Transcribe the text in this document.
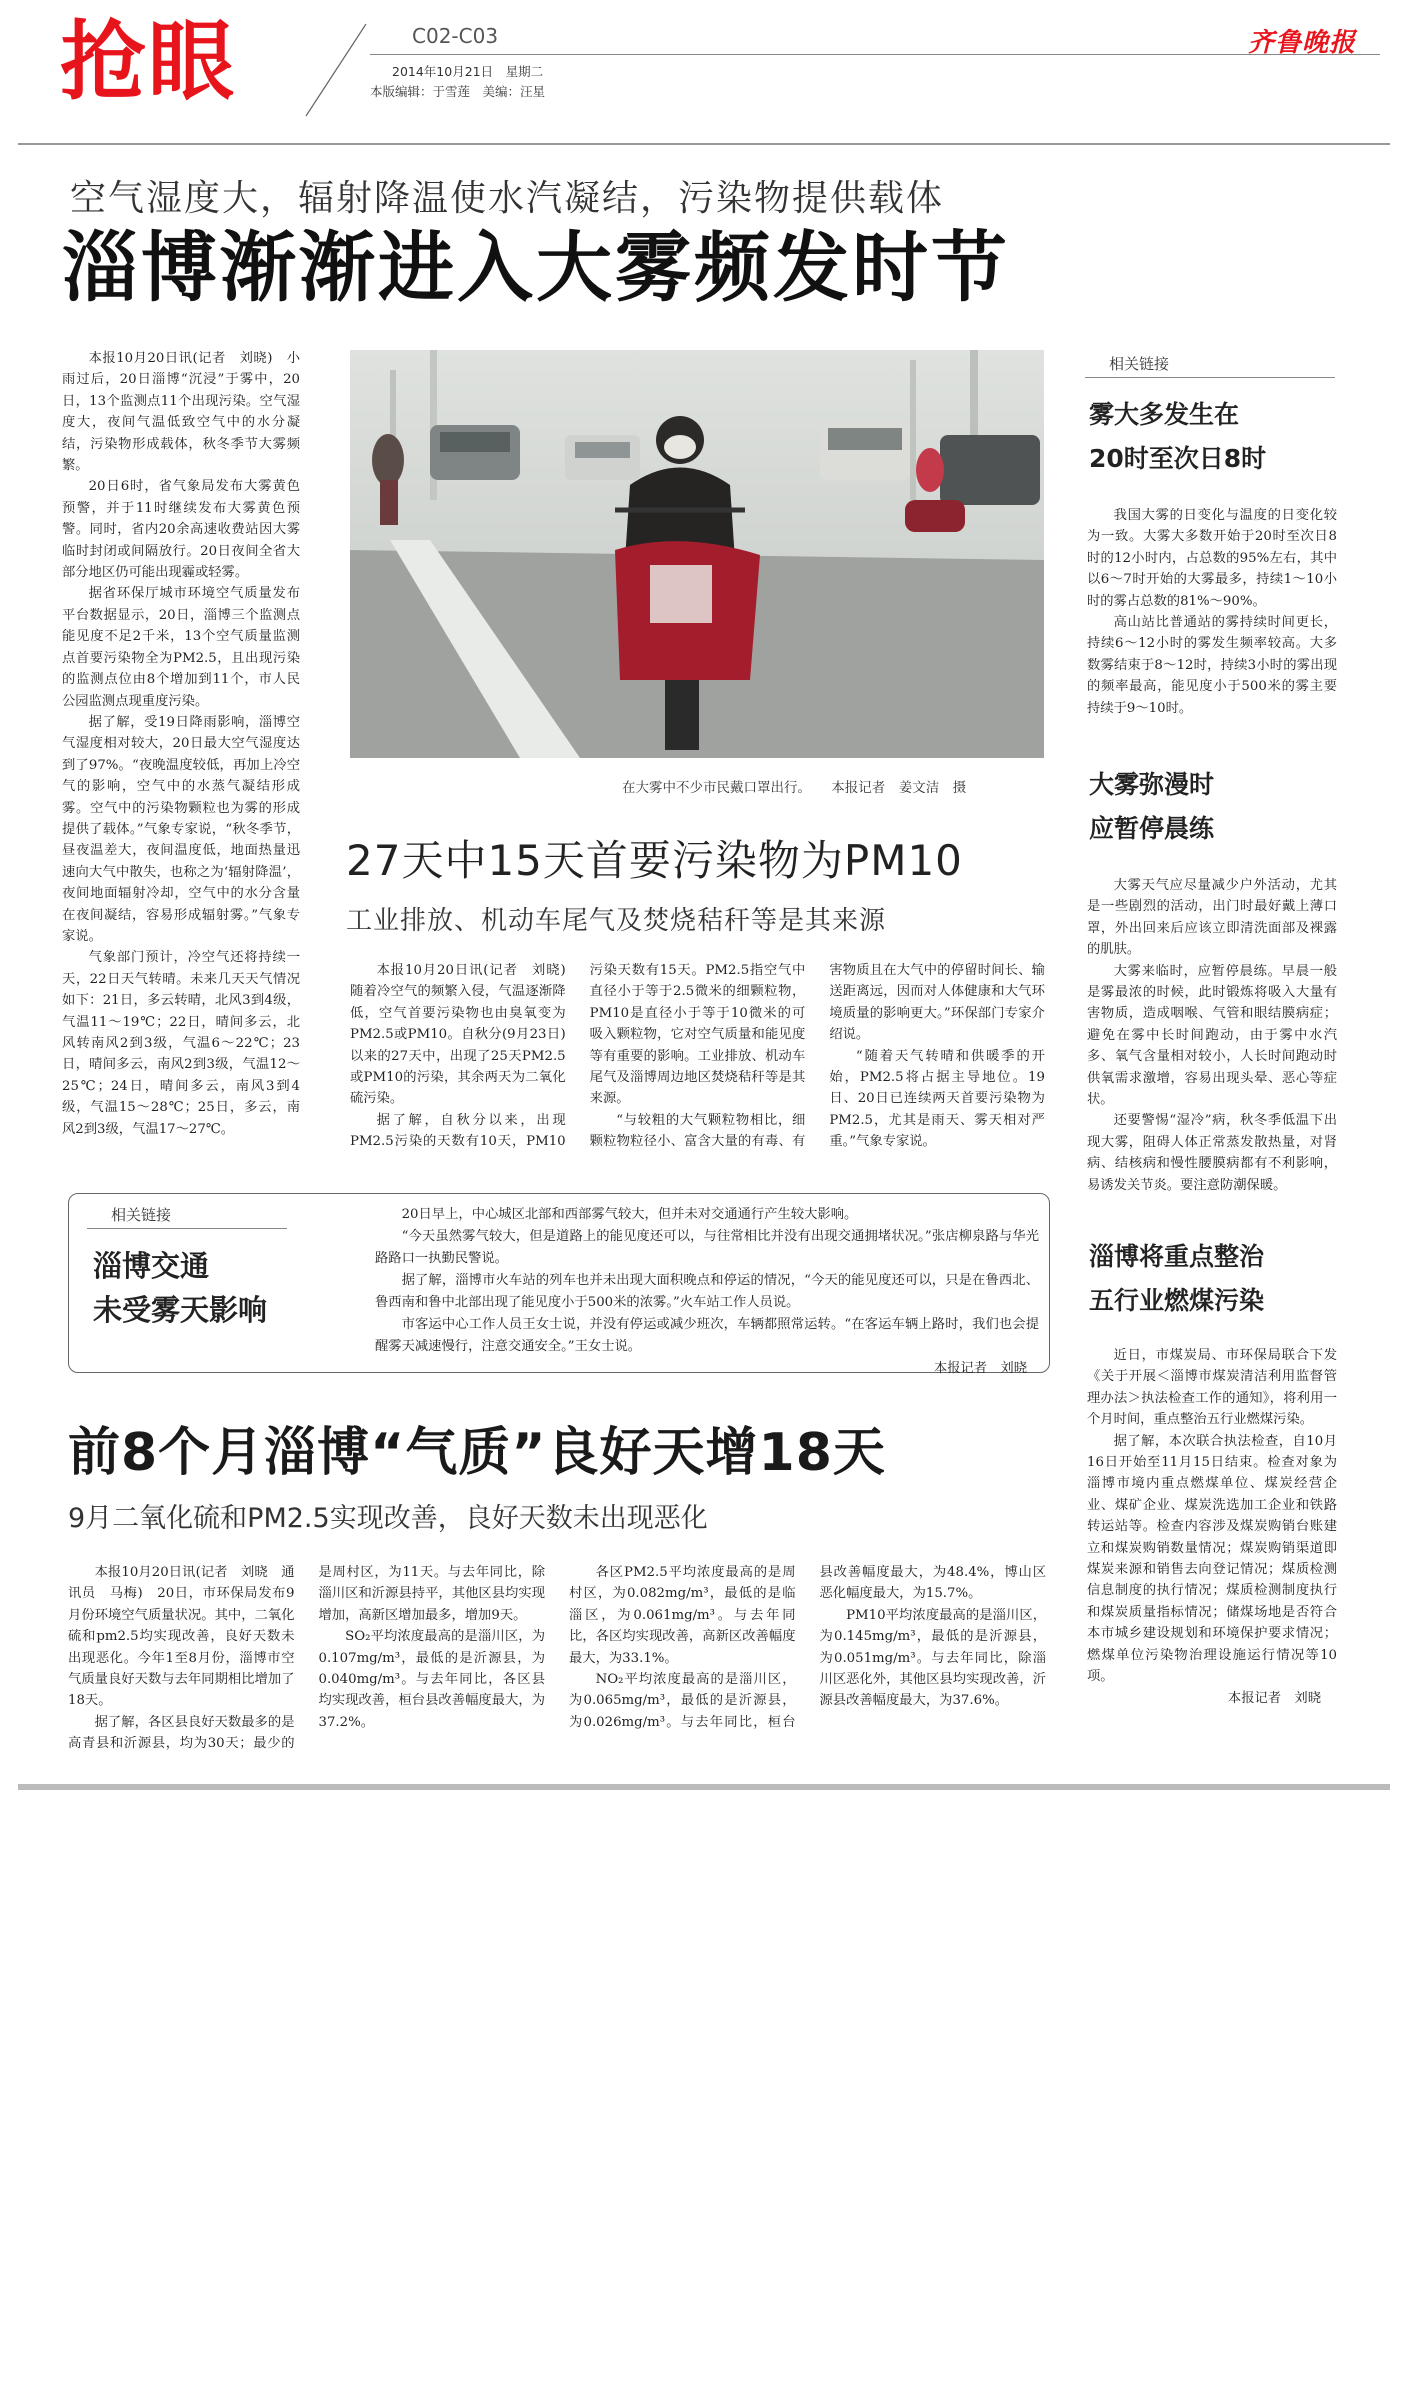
抢眼	C02-C03
2014年10月21日　星期二
本版编辑：于雪莲　美编：汪星
齐鲁晚报
空气湿度大，辐射降温使水汽凝结，污染物提供载体
淄博渐渐进入大雾频发时节

本报10月20日讯(记者　刘晓)　小雨过后，20日淄博“沉浸”于雾中，20日，13个监测点11个出现污染。空气湿度大，夜间气温低致空气中的水分凝结，污染物形成载体，秋冬季节大雾频繁。

20日6时，省气象局发布大雾黄色预警，并于11时继续发布大雾黄色预警。同时，省内20余高速收费站因大雾临时封闭或间隔放行。20日夜间全省大部分地区仍可能出现霾或轻雾。

据省环保厅城市环境空气质量发布平台数据显示，20日，淄博三个监测点能见度不足2千米，13个空气质量监测点首要污染物全为PM2.5，且出现污染的监测点位由8个增加到11个，市人民公园监测点现重度污染。

据了解，受19日降雨影响，淄博空气湿度相对较大，20日最大空气湿度达到了97%。“夜晚温度较低，再加上冷空气的影响，空气中的水蒸气凝结形成雾。空气中的污染物颗粒也为雾的形成提供了载体。”气象专家说，“秋冬季节，昼夜温差大，夜间温度低，地面热量迅速向大气中散失，也称之为‘辐射降温’，夜间地面辐射冷却，空气中的水分含量在夜间凝结，容易形成辐射雾。”气象专家说。

气象部门预计，冷空气还将持续一天，22日天气转晴。未来几天天气情况如下：21日，多云转晴，北风3到4级，气温11～19℃；22日，晴间多云，北风转南风2到3级，气温6～22℃；23日，晴间多云，南风2到3级，气温12～25℃；24日，晴间多云，南风3到4级，气温15～28℃；25日，多云，南风2到3级，气温17～27℃。

在大雾中不少市民戴口罩出行。　　本报记者　姜文洁　摄
27天中15天首要污染物为PM10
工业排放、机动车尾气及焚烧秸秆等是其来源

本报10月20日讯(记者　刘晓)　随着冷空气的频繁入侵，气温逐渐降低，空气首要污染物也由臭氧变为PM2.5或PM10。自秋分(9月23日)以来的27天中，出现了25天PM2.5或PM10的污染，其余两天为二氧化硫污染。

据了解，自秋分以来，出现PM2.5污染的天数有10天，PM10污染天数有15天。PM2.5指空气中直径小于等于2.5微米的细颗粒物，PM10是直径小于等于10微米的可吸入颗粒物，它对空气质量和能见度等有重要的影响。工业排放、机动车尾气及淄博周边地区焚烧秸秆等是其来源。

“与较粗的大气颗粒物相比，细颗粒物粒径小、富含大量的有毒、有害物质且在大气中的停留时间长、输送距离远，因而对人体健康和大气环境质量的影响更大。”环保部门专家介绍说。

“随着天气转晴和供暖季的开始，PM2.5将占据主导地位。19日、20日已连续两天首要污染物为PM2.5，尤其是雨天、雾天相对严重。”气象专家说。

相关链接
淄博交通
未受雾天影响

20日早上，中心城区北部和西部雾气较大，但并未对交通通行产生较大影响。

“今天虽然雾气较大，但是道路上的能见度还可以，与往常相比并没有出现交通拥堵状况。”张店柳泉路与华光路路口一执勤民警说。

据了解，淄博市火车站的列车也并未出现大面积晚点和停运的情况，“今天的能见度还可以，只是在鲁西北、鲁西南和鲁中北部出现了能见度小于500米的浓雾。”火车站工作人员说。

市客运中心工作人员王女士说，并没有停运或减少班次，车辆都照常运转。“在客运车辆上路时，我们也会提醒雾天减速慢行，注意交通安全。”王女士说。

本报记者　刘晓
前8个月淄博“气质”良好天增18天
9月二氧化硫和PM2.5实现改善，良好天数未出现恶化

本报10月20日讯(记者　刘晓　通讯员　马梅)　20日，市环保局发布9月份环境空气质量状况。其中，二氧化硫和pm2.5均实现改善，良好天数未出现恶化。今年1至8月份，淄博市空气质量良好天数与去年同期相比增加了18天。

据了解，各区县良好天数最多的是高青县和沂源县，均为30天；最少的是周村区，为11天。与去年同比，除淄川区和沂源县持平，其他区县均实现增加，高新区增加最多，增加9天。

SO₂平均浓度最高的是淄川区，为0.107mg/m³，最低的是沂源县，为0.040mg/m³。与去年同比，各区县均实现改善，桓台县改善幅度最大，为37.2%。

各区PM2.5平均浓度最高的是周村区，为0.082mg/m³，最低的是临淄区，为0.061mg/m³。与去年同比，各区均实现改善，高新区改善幅度最大，为33.1%。

NO₂平均浓度最高的是淄川区，为0.065mg/m³，最低的是沂源县，为0.026mg/m³。与去年同比，桓台县改善幅度最大，为48.4%，博山区恶化幅度最大，为15.7%。

PM10平均浓度最高的是淄川区，为0.145mg/m³，最低的是沂源县，为0.051mg/m³。与去年同比，除淄川区恶化外，其他区县均实现改善，沂源县改善幅度最大，为37.6%。

相关链接
雾大多发生在
20时至次日8时

我国大雾的日变化与温度的日变化较为一致。大雾大多数开始于20时至次日8时的12小时内，占总数的95%左右，其中以6～7时开始的大雾最多，持续1～10小时的雾占总数的81%～90%。

高山站比普通站的雾持续时间更长，持续6～12小时的雾发生频率较高。大多数雾结束于8～12时，持续3小时的雾出现的频率最高，能见度小于500米的雾主要持续于9～10时。

大雾弥漫时
应暂停晨练

大雾天气应尽量减少户外活动，尤其是一些剧烈的活动，出门时最好戴上薄口罩，外出回来后应该立即清洗面部及裸露的肌肤。

大雾来临时，应暂停晨练。早晨一般是雾最浓的时候，此时锻炼将吸入大量有害物质，造成咽喉、气管和眼结膜病症；避免在雾中长时间跑动，由于雾中水汽多、氧气含量相对较小，人长时间跑动时供氧需求激增，容易出现头晕、恶心等症状。

还要警惕“湿冷”病，秋冬季低温下出现大雾，阻碍人体正常蒸发散热量，对肾病、结核病和慢性腰膜病都有不利影响，易诱发关节炎。要注意防潮保暖。

淄博将重点整治
五行业燃煤污染

近日，市煤炭局、市环保局联合下发《关于开展＜淄博市煤炭清洁利用监督管理办法＞执法检查工作的通知》，将利用一个月时间，重点整治五行业燃煤污染。

据了解，本次联合执法检查，自10月16日开始至11月15日结束。检查对象为淄博市境内重点燃煤单位、煤炭经营企业、煤矿企业、煤炭洗选加工企业和铁路转运站等。检查内容涉及煤炭购销台账建立和煤炭购销数量情况；煤炭购销渠道即煤炭来源和销售去向登记情况；煤质检测信息制度的执行情况；煤质检测制度执行和煤炭质量指标情况；储煤场地是否符合本市城乡建设规划和环境保护要求情况；燃煤单位污染物治理设施运行情况等10项。

本报记者　刘晓
